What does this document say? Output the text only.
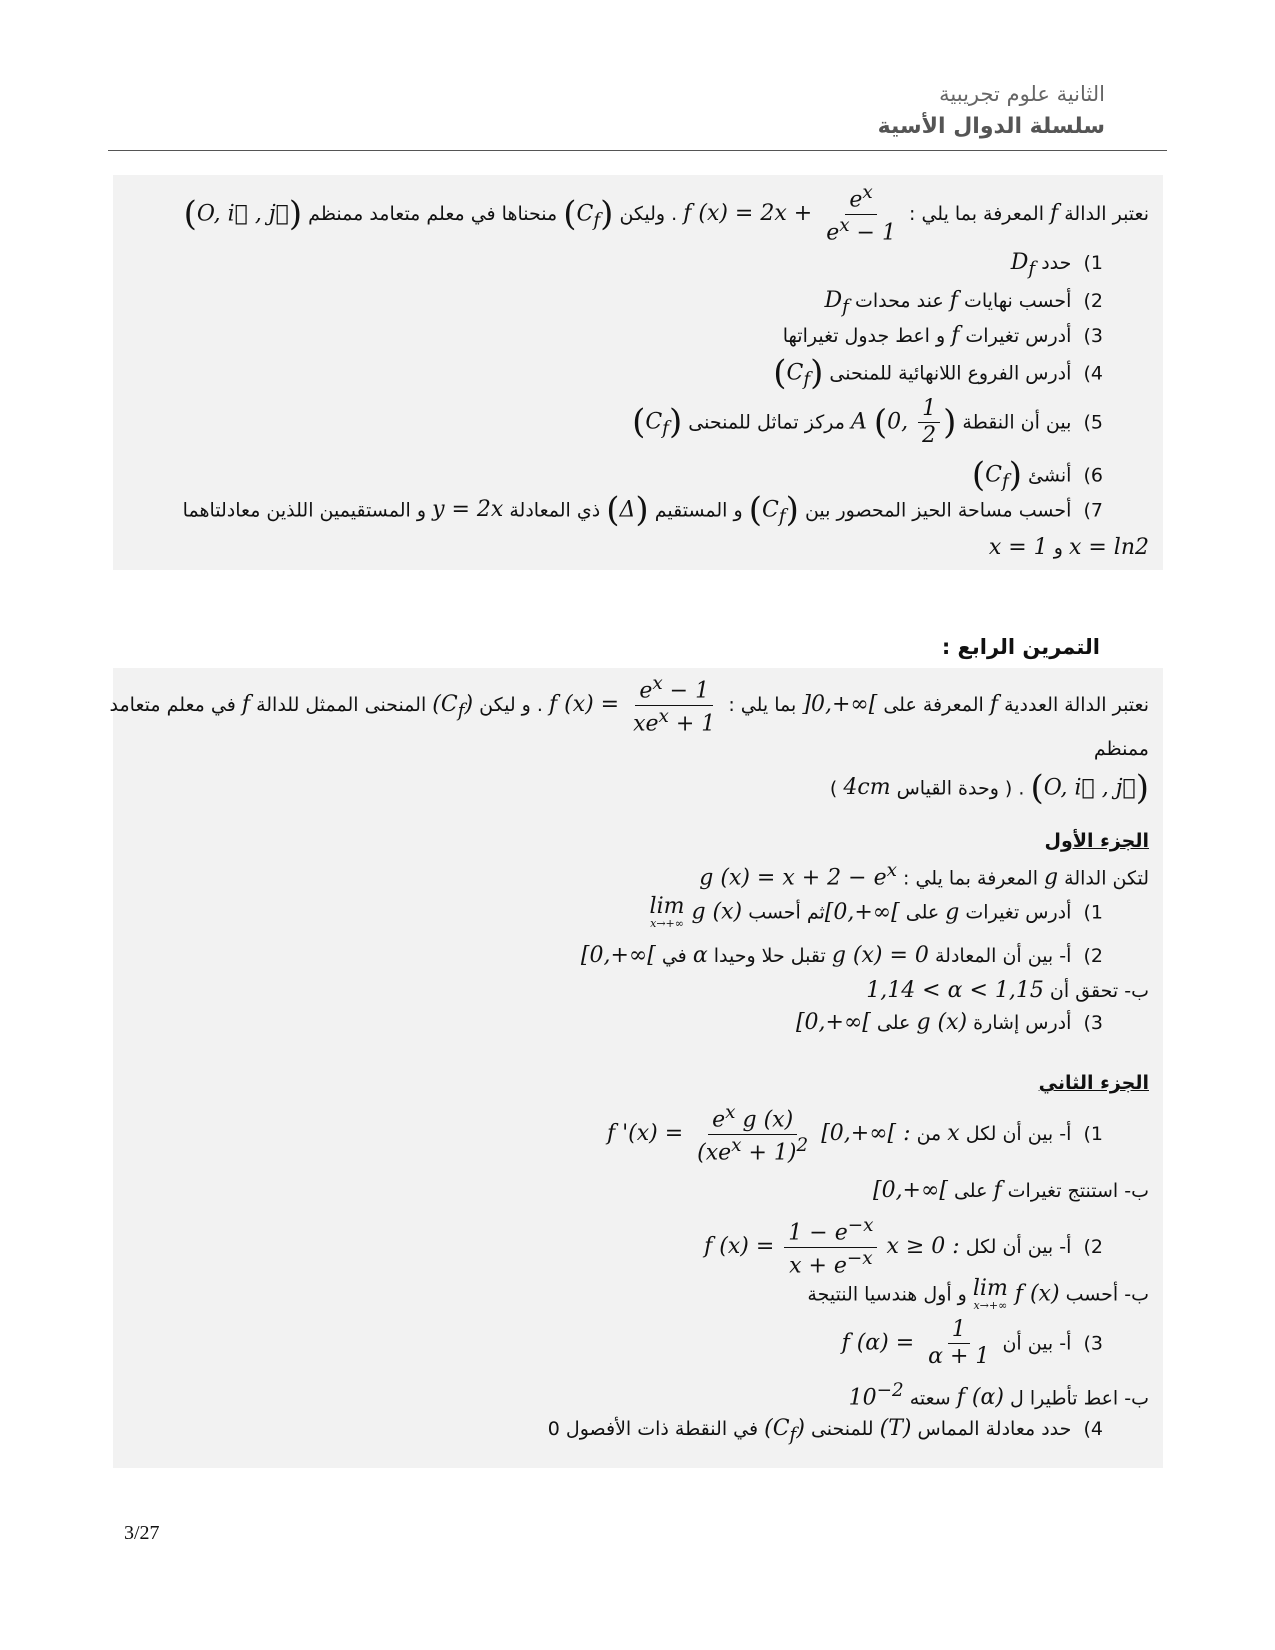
الثانية علوم تجريبية
سلسلة الدوال الأسية
نعتبر الدالة f المعرفة بما يلي : f $(x) = 2x + \frac{e^x}{e^x - 1}$
. وليكن $(C_f)$ منحناها في معلم متعامد ممنظم (O, i⃗ , j⃗)
1)  حدد $D_f$
2)  أحسب نهايات f عند محدات $D_f$
3)  أدرس تغيرات f و اعط جدول تغيراتها
4)  أدرس الفروع اللانهائية للمنحنى $(C_f)$
5)  بين أن النقطة A (0, $\frac{1}{2}$ ) مركز تماثل للمنحنى $(C_f)$
6)  أنشئ $(C_f)$
7)  أحسب مساحة الحيز المحصور بين $(C_f)$ و المستقيم (Δ) ذي المعادلة y = 2x و المستقيمين اللذين معادلتاهما
x = ln2 و x = 1
التمرين الرابع :
نعتبر الدالة العددية f المعرفة على ]0,+∞[ بما يلي : f $(x) = \frac{e^x - 1}{xe^x + 1}$
. و ليكن $(C_f)$ المنحنى الممثل للدالة f في معلم متعامد
ممنظم
(O, i⃗ , j⃗) . ( وحدة القياس 4cm )
الجزء الأول
لتكن الدالة g المعرفة بما يلي : g $(x) = x + 2 - e^x$
1)  أدرس تغيرات g على [0,+∞[ثم أحسب lim
x→+∞ g (x)
2)  أ- بين أن المعادلة g (x) = 0 تقبل حلا وحيدا α في [0,+∞[
ب- تحقق أن 1,14 < α < 1,15
3)  أدرس إشارة g (x) على [0,+∞[
الجزء الثاني
1)  أ- بين أن لكل x من [0,+∞[ : f '$(x) = \frac{e^x g (x)}{(xe^x + 1)^2}$
ب- استنتج تغيرات f على [0,+∞[
2)  أ- بين أن لكل x ≥ 0 : f $(x) = \frac{1 - e^{-x}}{x + e^{-x}}$
ب- أحسب lim
x→+∞ f (x) و أول هندسيا النتيجة
3)  أ- بين أن f $(\alpha) = \frac{1}{\alpha + 1}$
ب- اعط تأطيرا ل f (α) سعته $10^{-2}$
4)  حدد معادلة المماس (T) للمنحنى $(C_f)$ في النقطة ذات الأفصول 0
3/27
